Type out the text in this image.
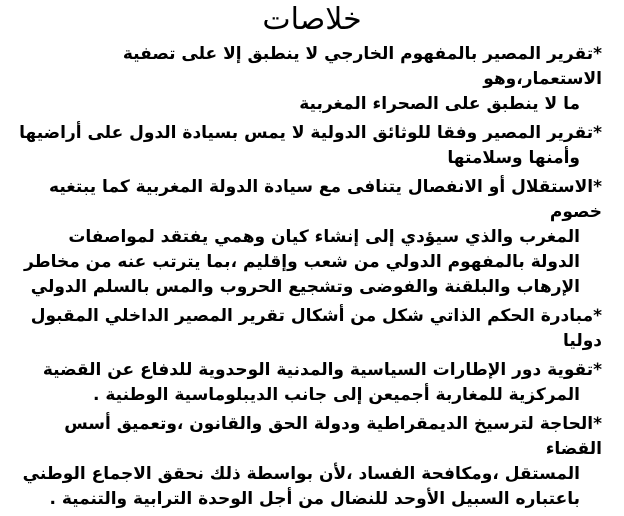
خلاصات
*تقرير المصير بالمفهوم الخارجي لا ينطبق إلا على تصفية الاستعمار،وهو
ما لا ينطبق على الصحراء المغربية
*تقرير المصير وفقا للوثائق الدولية لا يمس بسيادة الدول على أراضيها
وأمنها وسلامتها
*الاستقلال أو الانفصال يتنافى مع سيادة الدولة المغربية كما يبتغيه خصوم
المغرب والذي سيؤدي إلى إنشاء كيان وهمي يفتقد لمواصفات الدولة بالمفهوم الدولي من شعب وإقليم ،بما يترتب عنه من مخاطر الإرهاب والبلقنة والفوضى وتشجيع الحروب والمس بالسلم الدولي
*مبادرة الحكم الذاتي شكل من أشكال تقرير المصير الداخلي المقبول دوليا
*تقوية دور الإطارات السياسية والمدنية الوحدوية للدفاع عن القضية
المركزية للمغاربة أجميعن إلى جانب الديبلوماسية الوطنية .
*الحاجة لترسيخ الديمقراطية ودولة الحق والقانون ،وتعميق أسس القضاء
المستقل ،ومكافحة الفساد ،لأن بواسطة ذلك نحقق الاجماع الوطني باعتباره السبيل الأوحد للنضال من أجل الوحدة الترابية والتنمية .
